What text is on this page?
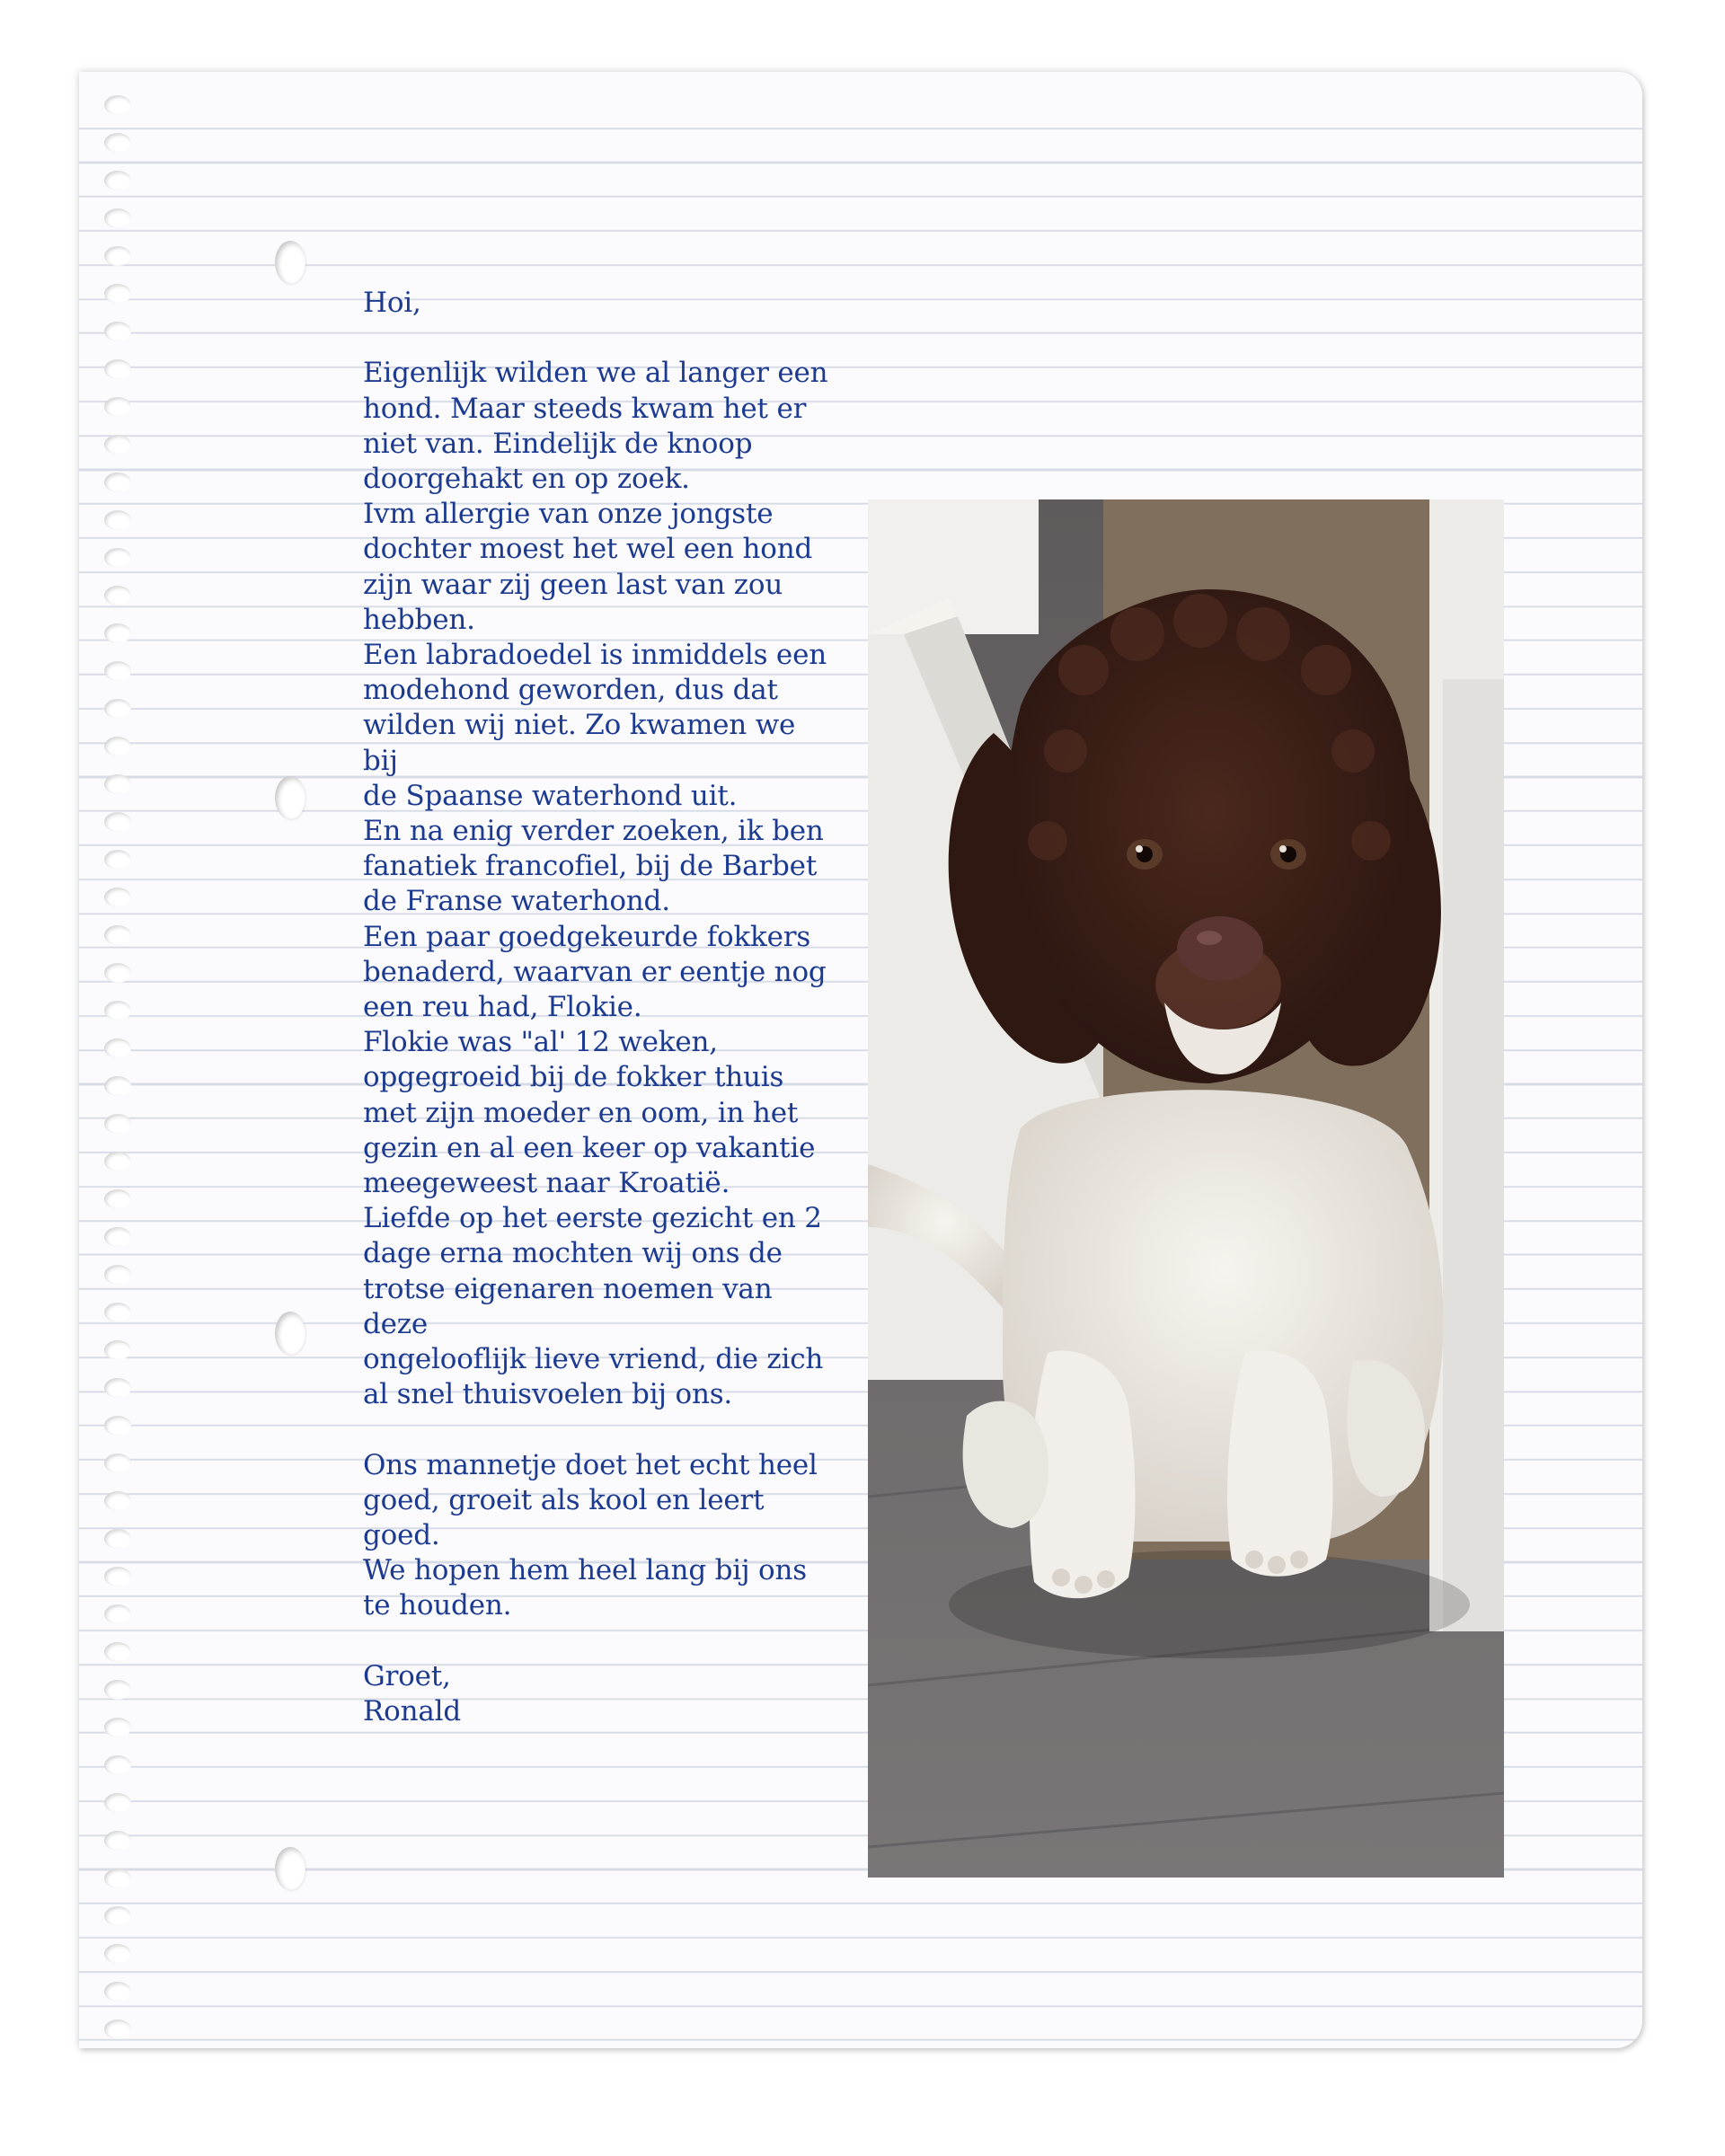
Hoi,

Eigenlijk wilden we al langer een
hond. Maar steeds kwam het er
niet van. Eindelijk de knoop
doorgehakt en op zoek.
Ivm allergie van onze jongste
dochter moest het wel een hond
zijn waar zij geen last van zou
hebben.
Een labradoedel is inmiddels een
modehond geworden, dus dat
wilden wij niet. Zo kwamen we bij
de Spaanse waterhond uit.
En na enig verder zoeken, ik ben
fanatiek francofiel, bij de Barbet
de Franse waterhond.
Een paar goedgekeurde fokkers
benaderd, waarvan er eentje nog
een reu had, Flokie.
Flokie was "al' 12 weken,
opgegroeid bij de fokker thuis
met zijn moeder en oom, in het
gezin en al een keer op vakantie
meegeweest naar Kroatië.
Liefde op het eerste gezicht en 2
dage erna mochten wij ons de
trotse eigenaren noemen van deze
ongelooflijk lieve vriend, die zich
al snel thuisvoelen bij ons.

Ons mannetje doet het echt heel
goed, groeit als kool en leert goed.
We hopen hem heel lang bij ons
te houden.

Groet,

Ronald
